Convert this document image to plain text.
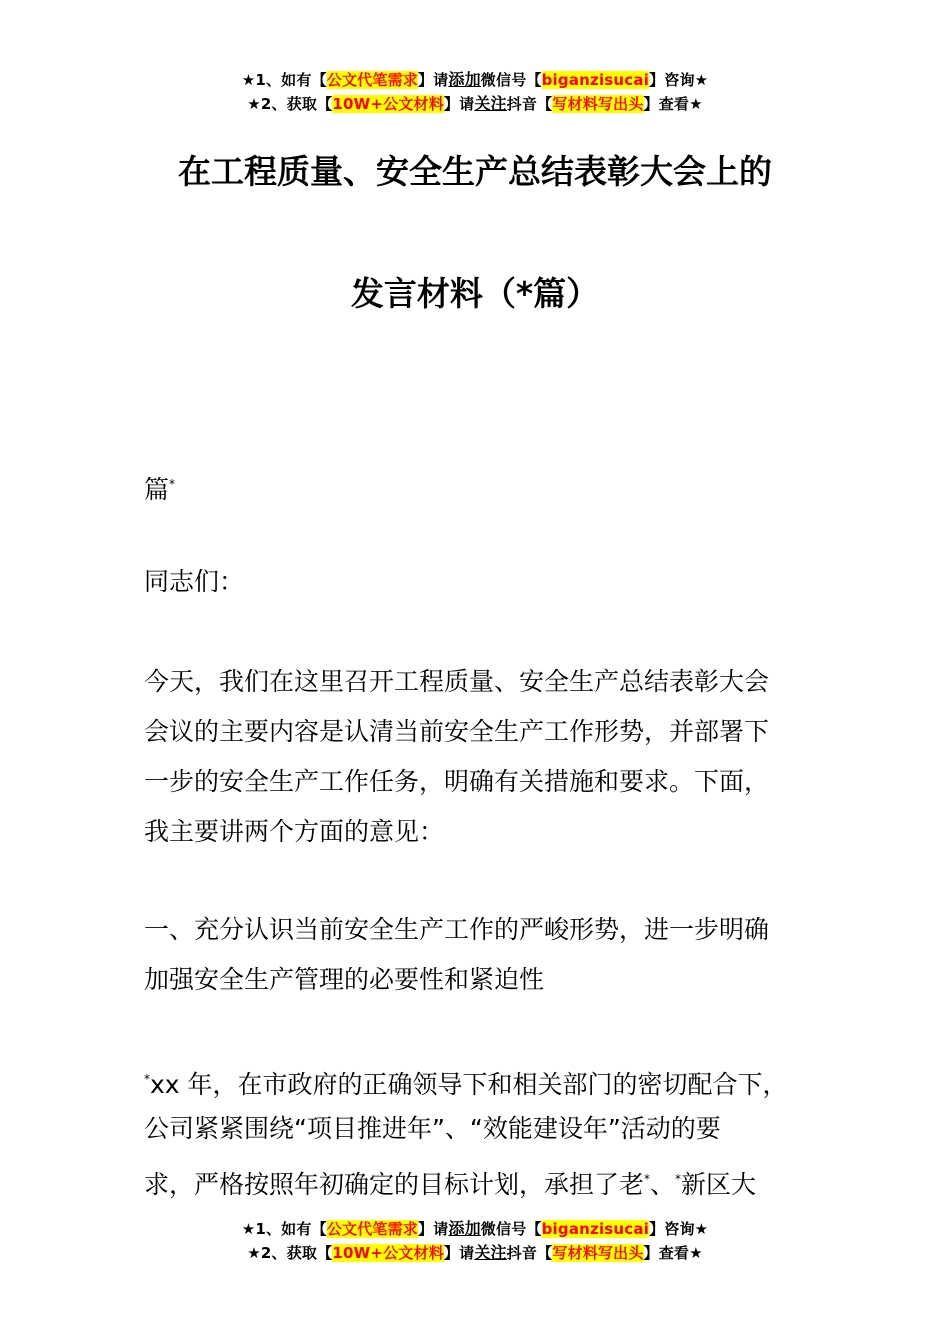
★1、如有【公文代笔需求】请添加微信号【biganzisucai】咨询★
★2、获取【10W+公文材料】请关注抖音【写材料写出头】查看★
在工程质量、安全生产总结表彰大会上的
发言材料（*篇）
篇*
同志们：
今天，我们在这里召开工程质量、安全生产总结表彰大会
会议的主要内容是认清当前安全生产工作形势，并部署下
一步的安全生产工作任务，明确有关措施和要求。下面，
我主要讲两个方面的意见：
一、充分认识当前安全生产工作的严峻形势，进一步明确
加强安全生产管理的必要性和紧迫性
*xx 年，在市政府的正确领导下和相关部门的密切配合下，
公司紧紧围绕“项目推进年”、“效能建设年”活动的要
求，严格按照年初确定的目标计划，承担了老*、*新区大
★1、如有【公文代笔需求】请添加微信号【biganzisucai】咨询★
★2、获取【10W+公文材料】请关注抖音【写材料写出头】查看★
